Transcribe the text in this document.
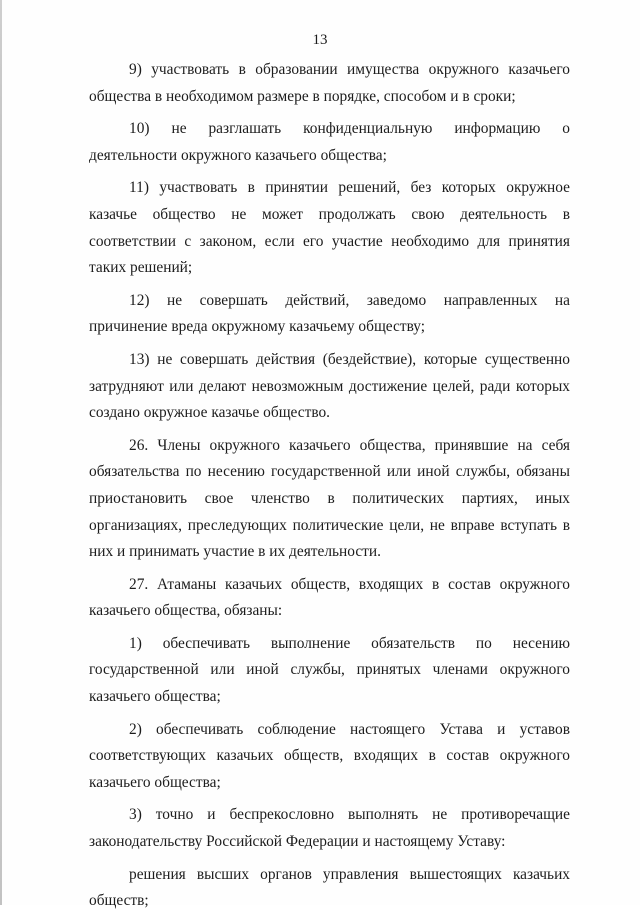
13

9) участвовать в образовании имущества окружного казачьего общества в необходимом размере в порядке, способом и в сроки;

10) не разглашать конфиденциальную информацию о деятельности окружного казачьего общества;

11) участвовать в принятии решений, без которых окружное казачье общество не может продолжать свою деятельность в соответствии с законом, если его участие необходимо для принятия таких решений;

12) не совершать действий, заведомо направленных на причинение вреда окружному казачьему обществу;

13) не совершать действия (бездействие), которые существенно затрудняют или делают невозможным достижение целей, ради которых создано окружное казачье общество.

26. Члены окружного казачьего общества, принявшие на себя обязательства по несению государственной или иной службы, обязаны приостановить свое членство в политических партиях, иных организациях, преследующих политические цели, не вправе вступать в них и принимать участие в их деятельности.

27. Атаманы казачьих обществ, входящих в состав окружного казачьего общества, обязаны:

1) обеспечивать выполнение обязательств по несению государственной или иной службы, принятых членами окружного казачьего общества;

2) обеспечивать соблюдение настоящего Устава и уставов соответствующих казачьих обществ, входящих в состав окружного казачьего общества;

3) точно и беспрекословно выполнять не противоречащие законодательству Российской Федерации и настоящему Уставу:

решения высших органов управления вышестоящих казачьих обществ;
